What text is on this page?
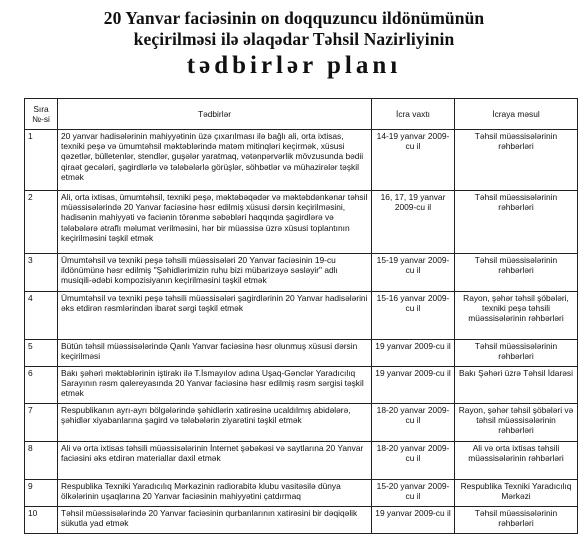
20 Yanvar faciəsinin on doqquzuncu ildönümünün
keçirilməsi ilə əlaqədar Təhsil Nazirliyinin
tədbirlər planı
Sıra №-si	Tədbirlər	İcra vaxtı	İcraya məsul
1	20 yanvar hadisələrinin mahiyyətinin üzə çıxarılması ilə bağlı ali, orta ixtisas, texniki peşə və ümumtəhsil məktəblərində matəm mitinqləri keçirmək, xüsusi qəzetlər, bülletenlər, stendlər, guşələr yaratmaq, vətənpərvərlik mövzusunda bədii qiraət gecələri, şagirdlərlə və tələbələrlə görüşlər, söhbətlər və mühazirələr təşkil etmək	14-19 yanvar 2009-cu il	Təhsil müəssisələrinin rəhbərləri
2	Ali, orta ixtisas, ümumtəhsil, texniki peşə, məktəbəqədər və məktəbdənkənar təhsil müəssisələrində 20 Yanvar faciəsinə həsr edilmiş xüsusi dərsin keçirilməsini, hadisənin mahiyyəti və faciənin törənmə səbəbləri haqqında şagirdlərə və tələbələrə ətraflı məlumat verilməsini, hər bir müəssisə üzrə xüsusi toplantının keçirilməsini təşkil etmək	16, 17, 19 yanvar 2009-cu il	Təhsil müəssisələrinin rəhbərləri
3	Ümumtəhsil və texniki peşə təhsili müəssisələri 20 Yanvar faciəsinin 19-cu ildönümünə həsr edilmiş "Şəhidlərimizin ruhu bizi mübarizəyə səsləyir" adlı musiqili-ədəbi kompozisiyanın keçirilməsini təşkil etmək	15-19 yanvar 2009-cu il	Təhsil müəssisələrinin rəhbərləri
4	Ümumtəhsil və texniki peşə təhsili müəssisələri şagirdlərinin 20 Yanvar hadisələrini əks etdirən rəsmlərindən ibarət sərgi təşkil etmək	15-16 yanvar 2009-cu il	Rayon, şəhər təhsil şöbələri, texniki peşə təhsili müəssisələrinin rəhbərləri
5	Bütün təhsil müəssisələrində Qanlı Yanvar faciəsinə həsr olunmuş xüsusi dərsin keçirilməsi	19 yanvar 2009-cu il	Təhsil müəssisələrinin rəhbərləri
6	Bakı şəhəri məktəblərinin iştirakı ilə T.İsmayılov adına Uşaq-Gənclər Yaradıcılıq Sarayının rəsm qalereyasında 20 Yanvar faciəsinə həsr edilmiş rəsm sərgisi təşkil etmək	19 yanvar 2009-cu il	Bakı Şəhəri üzrə Təhsil İdarəsi
7	Respublikanın ayrı-ayrı bölgələrində şəhidlərin xatirəsinə ucaldılmış abidələrə, şəhidlər xiyabanlarına şagird və tələbələrin ziyarətini təşkil etmək	18-20 yanvar 2009-cu il	Rayon, şəhər təhsil şöbələri və təhsil müəssisələrinin rəhbərləri
8	Ali və orta ixtisas təhsili müəssisələrinin İnternet şəbəkəsi və saytlarına 20 Yanvar faciəsini əks etdirən materiallar daxil etmək	18-20 yanvar 2009-cu il	Ali və orta ixtisas təhsili müəssisələrinin rəhbərləri
9	Respublika Texniki Yaradıcılıq Mərkəzinin radiorabitə klubu vasitəsilə dünya ölkələrinin uşaqlarına 20 Yanvar faciəsinin mahiyyətini çatdırmaq	15-20 yanvar 2009-cu il	Respublika Texniki Yaradıcılıq Mərkəzi
10	Təhsil müəssisələrində 20 Yanvar faciəsinin qurbanlarının xatirəsini bir dəqiqəlik sükutla yad etmək	19 yanvar 2009-cu il	Təhsil müəssisələrinin rəhbərləri
